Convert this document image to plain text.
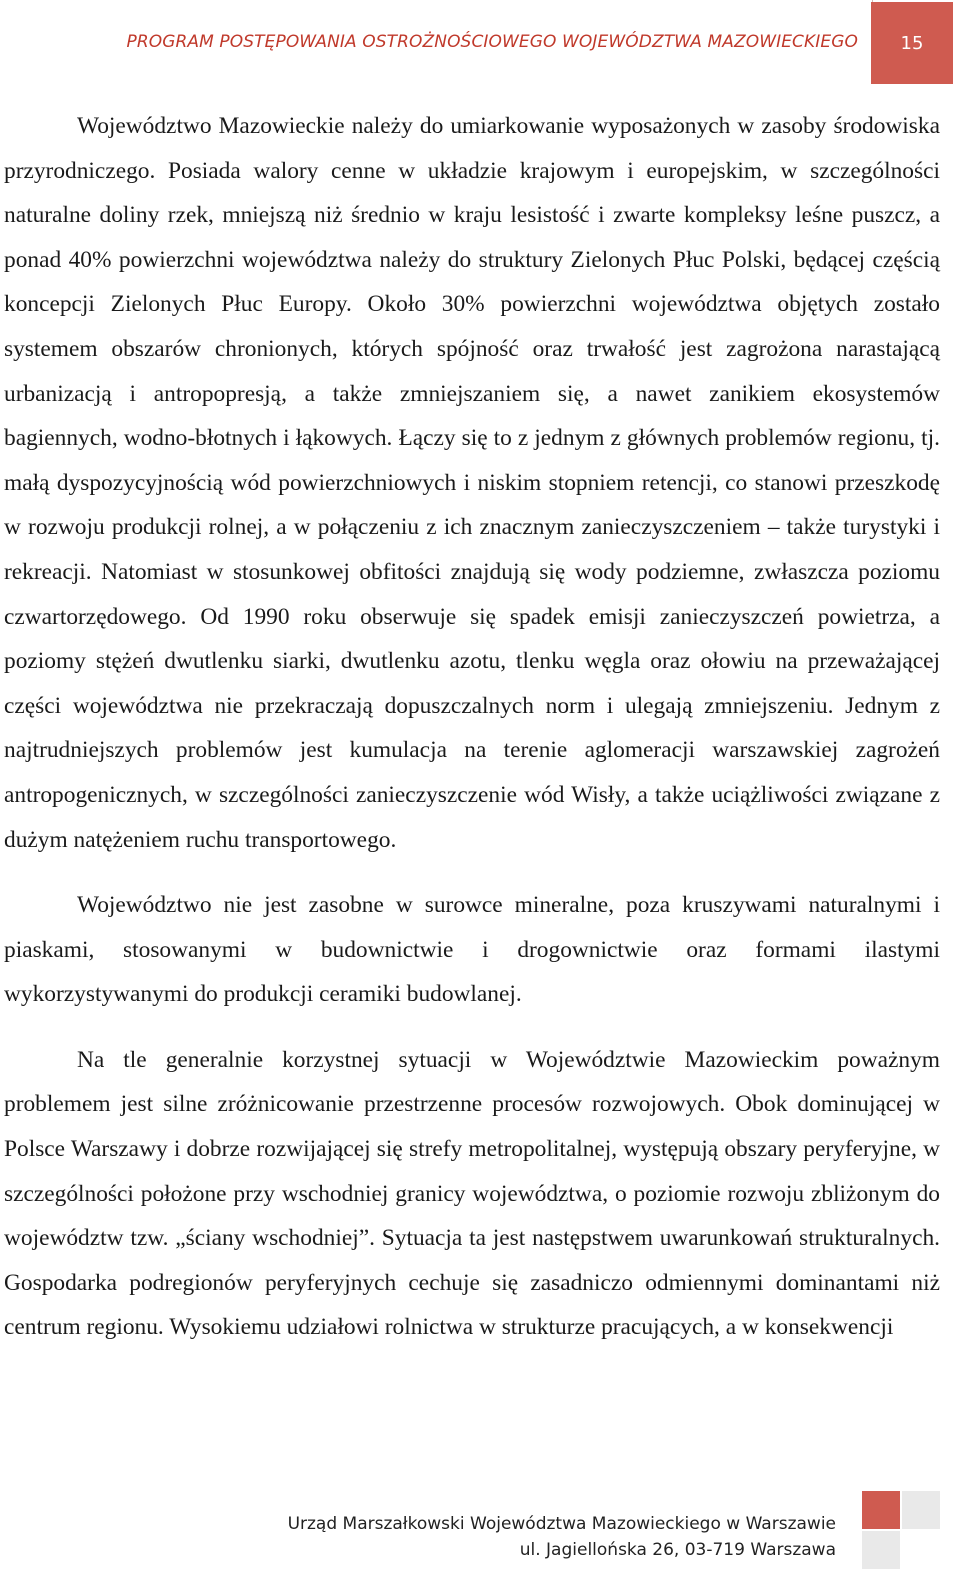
PROGRAM POSTĘPOWANIA OSTROŻNOŚCIOWEGO WOJEWÓDZTWA MAZOWIECKIEGO 15

Województwo Mazowieckie należy do umiarkowanie wyposażonych w zasoby środowiska przyrodniczego. Posiada walory cenne w układzie krajowym i europejskim, w szczególności naturalne doliny rzek, mniejszą niż średnio w kraju lesistość i zwarte kompleksy leśne puszcz, a ponad 40% powierzchni województwa należy do struktury Zielonych Płuc Polski, będącej częścią koncepcji Zielonych Płuc Europy. Około 30% powierzchni województwa objętych zostało systemem obszarów chronionych, których spójność oraz trwałość jest zagrożona narastającą urbanizacją i antropopresją, a także zmniejszaniem się, a nawet zanikiem ekosystemów bagiennych, wodno-błotnych i łąkowych. Łączy się to z jednym z głównych problemów regionu, tj. małą dyspozycyjnością wód powierzchniowych i niskim stopniem retencji, co stanowi przeszkodę w rozwoju produkcji rolnej, a w połączeniu z ich znacznym zanieczyszczeniem – także turystyki i rekreacji. Natomiast w stosunkowej obfitości znajdują się wody podziemne, zwłaszcza poziomu czwartorzędowego. Od 1990 roku obserwuje się spadek emisji zanieczyszczeń powietrza, a poziomy stężeń dwutlenku siarki, dwutlenku azotu, tlenku węgla oraz ołowiu na przeważającej części województwa nie przekraczają dopuszczalnych norm i ulegają zmniejszeniu. Jednym z najtrudniejszych problemów jest kumulacja na terenie aglomeracji warszawskiej zagrożeń antropogenicznych, w szczególności zanieczyszczenie wód Wisły, a także uciążliwości związane z dużym natężeniem ruchu transportowego.

Województwo nie jest zasobne w surowce mineralne, poza kruszywami naturalnymi i piaskami, stosowanymi w budownictwie i drogownictwie oraz formami ilastymi wykorzystywanymi do produkcji ceramiki budowlanej.

Na tle generalnie korzystnej sytuacji w Województwie Mazowieckim poważnym problemem jest silne zróżnicowanie przestrzenne procesów rozwojowych. Obok dominującej w Polsce Warszawy i dobrze rozwijającej się strefy metropolitalnej, występują obszary peryferyjne, w szczególności położone przy wschodniej granicy województwa, o poziomie rozwoju zbliżonym do województw tzw. „ściany wschodniej”. Sytuacja ta jest następstwem uwarunkowań strukturalnych. Gospodarka podregionów peryferyjnych cechuje się zasadniczo odmiennymi dominantami niż centrum regionu. Wysokiemu udziałowi rolnictwa w strukturze pracujących, a w konsekwencji

Urząd Marszałkowski Województwa Mazowieckiego w Warszawie
ul. Jagiellońska 26, 03-719 Warszawa
